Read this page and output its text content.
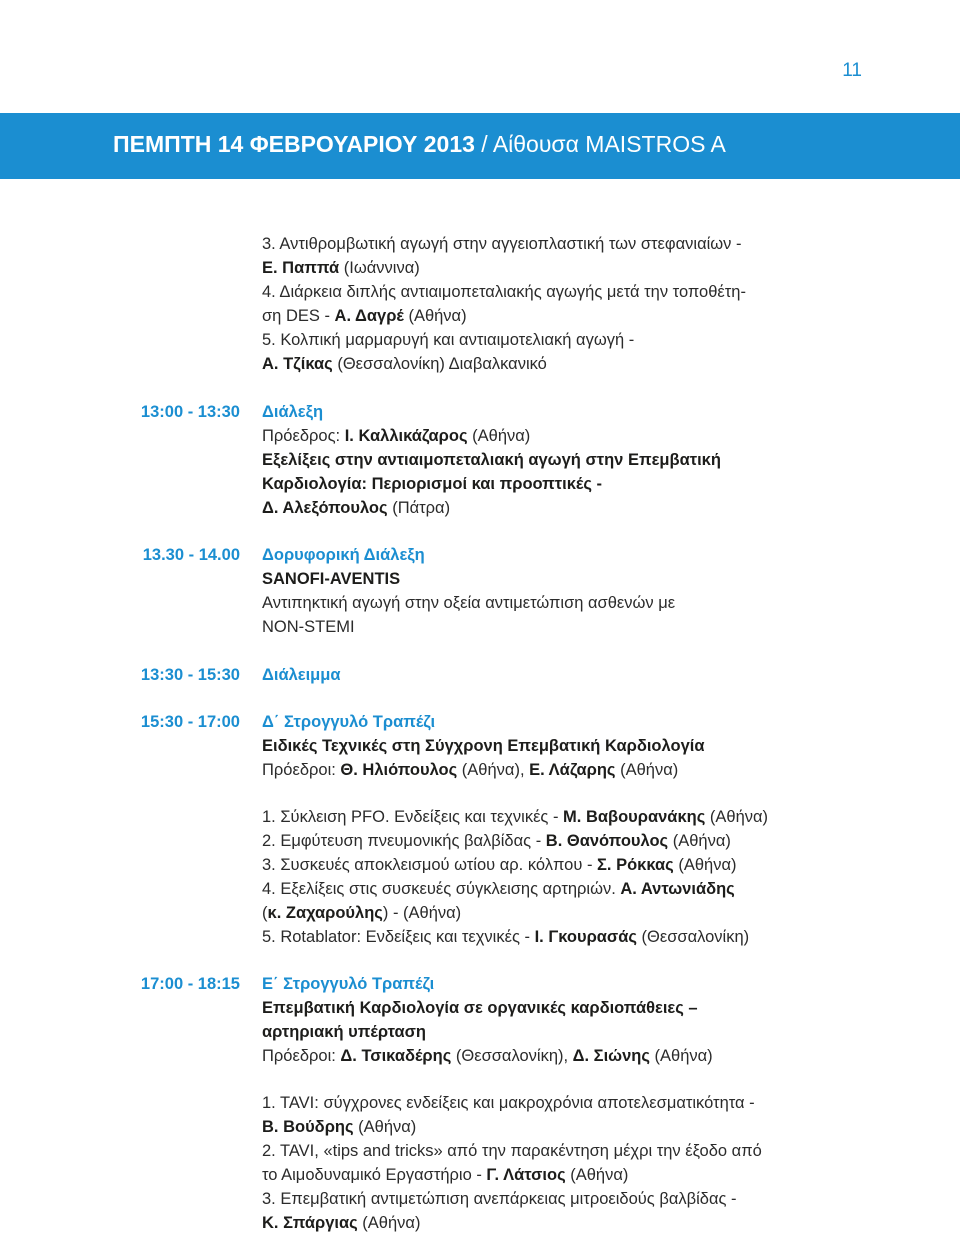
11
ΠΕΜΠΤΗ 14 ΦΕΒΡΟΥΑΡΙΟΥ 2013 / Αίθουσα MAISTROS A
3. Αντιθρομβωτική αγωγή στην αγγειοπλαστική των στεφανιαίων -
Ε. Παππά (Ιωάννινα)
4. Διάρκεια διπλής αντιαιμοπεταλιακής αγωγής μετά την τοποθέτη-
ση DES - Α. Δαγρέ (Αθήνα)
5. Κολπική μαρμαρυγή και αντιαιμοτελιακή αγωγή -
Α. Τζίκας (Θεσσαλονίκη) Διαβαλκανικό
13:00 - 13:30 Διάλεξη
Πρόεδρος: Ι. Καλλικάζαρος (Αθήνα)
Εξελίξεις στην αντιαιμοπεταλιακή αγωγή στην Επεμβατική
Καρδιολογία: Περιορισμοί και προοπτικές -
Δ. Αλεξόπουλος (Πάτρα)
13.30 - 14.00 Δορυφορική Διάλεξη
SANOFI-AVENTIS
Αντιπηκτική αγωγή στην οξεία αντιμετώπιση ασθενών με
NON-STEMI
13:30 - 15:30 Διάλειμμα
15:30 - 17:00 Δ΄ Στρογγυλό Τραπέζι
Ειδικές Τεχνικές στη Σύγχρονη Επεμβατική Καρδιολογία
Πρόεδροι: Θ. Ηλιόπουλος (Αθήνα), Ε. Λάζαρης (Αθήνα)
1. Σύκλειση PFO. Ενδείξεις και τεχνικές - Μ. Βαβουρανάκης (Αθήνα)
2. Εμφύτευση πνευμονικής βαλβίδας - Β. Θανόπουλος (Αθήνα)
3. Συσκευές αποκλεισμού ωτίου αρ. κόλπου - Σ. Ρόκκας (Αθήνα)
4. Εξελίξεις στις συσκευές σύγκλεισης αρτηριών. Α. Αντωνιάδης
(κ. Ζαχαρούλης) - (Αθήνα)
5. Rotablator: Ενδείξεις και τεχνικές - Ι. Γκουρασάς (Θεσσαλονίκη)
17:00 - 18:15 Ε΄ Στρογγυλό Τραπέζι
Επεμβατική Καρδιολογία σε οργανικές καρδιοπάθειες –
αρτηριακή υπέρταση
Πρόεδροι: Δ. Τσικαδέρης (Θεσσαλονίκη), Δ. Σιώνης (Αθήνα)
1. TAVI: σύγχρονες ενδείξεις και μακροχρόνια αποτελεσματικότητα -
Β. Βούδρης (Αθήνα)
2. TAVI, «tips and tricks» από την παρακέντηση μέχρι την έξοδο από
το Αιμοδυναμικό Εργαστήριο - Γ. Λάτσιος (Αθήνα)
3. Επεμβατική αντιμετώπιση ανεπάρκειας μιτροειδούς βαλβίδας -
Κ. Σπάργιας (Αθήνα)
